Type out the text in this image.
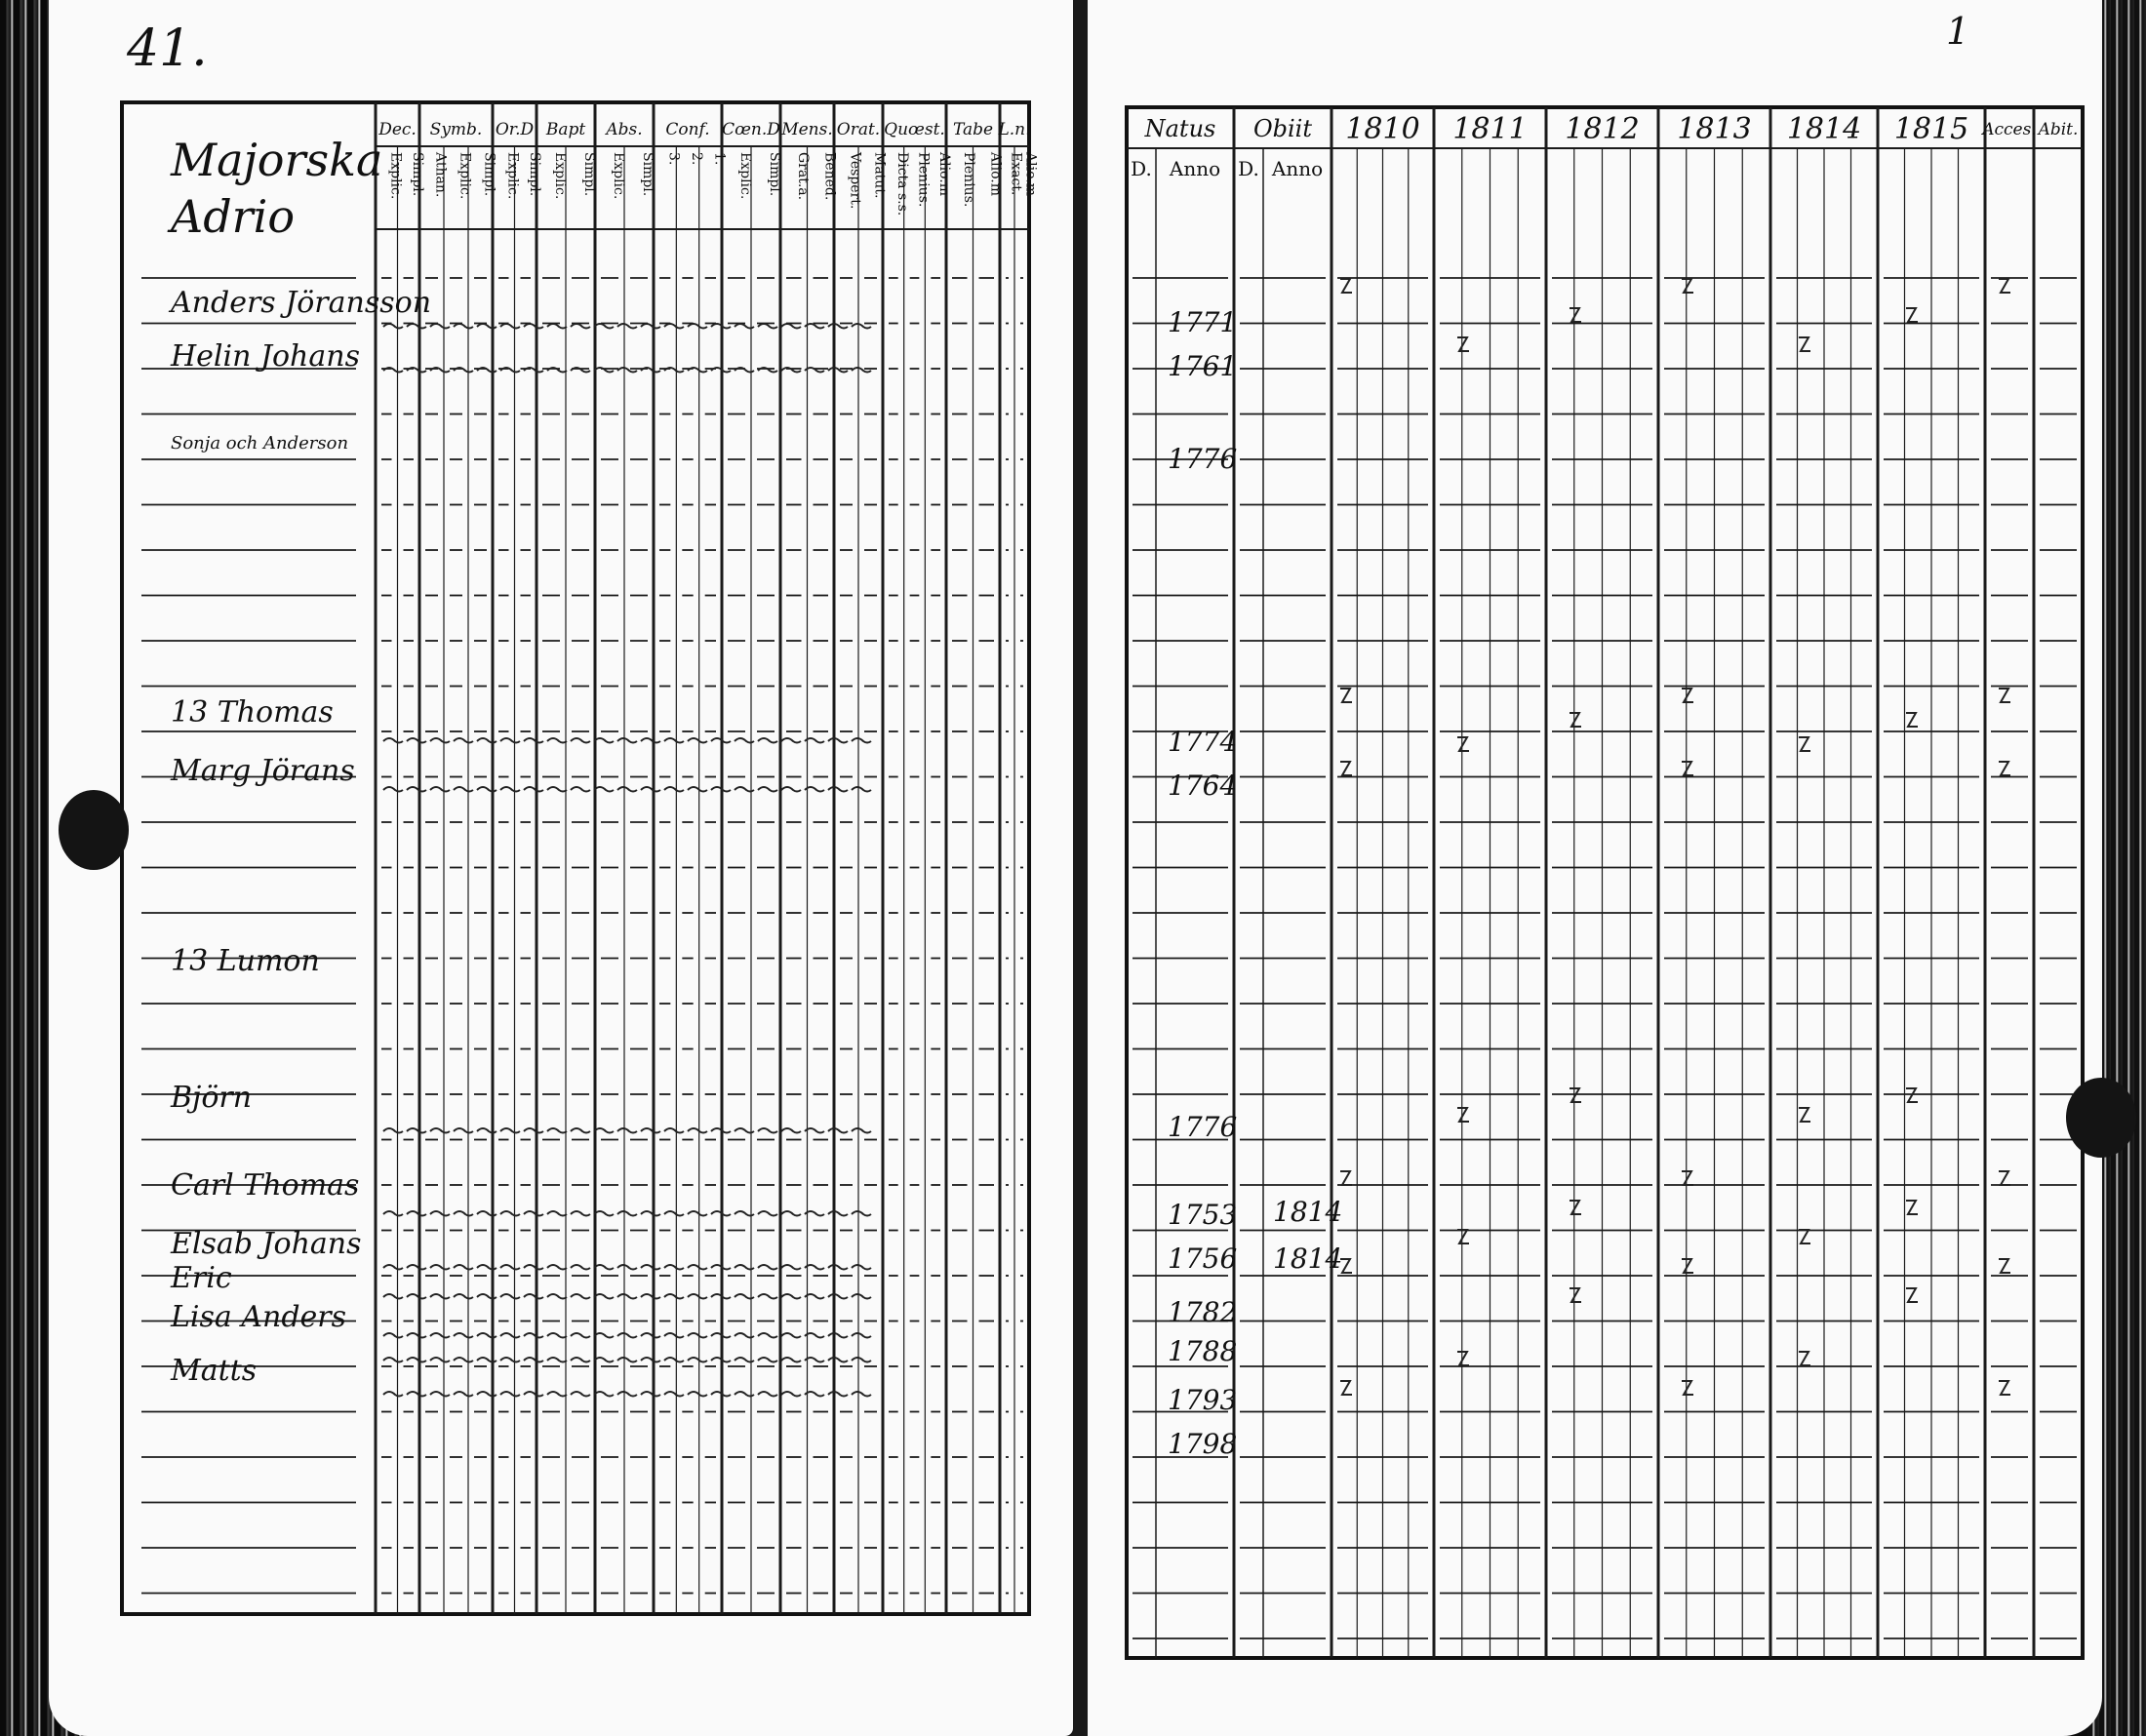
41.
Dec.
Explic. Simpl.
Symb.
Athan. Explic. Simpl.
Or.D
Explic. Simpl.
Bapt
Explic. Simpl.
Abs.
Explic. Simpl.
Conf.
3. 2. 1.
Cœn.D
Explic. Simpl.
Mens.
Grat.a. Bened.
Orat.
Vespert. Matut.
Quœst.
Dicta s.s. Plenius. Alio.m
Tabe
Plenius. Alio.m
L.n.
Exact. Alio.m
Majorska
Adrio
Anders Jöransson
Helin Johans
Sonja och Anderson
13 Thomas
Marg Jörans
13 Lumon
Björn
Carl Thomas
Elsab Johans
Eric
Lisa Anders
Matts
1
Natus Obiit
D. Anno D. Anno
1810 1811 1812 1813 1814 1815 Acces. Abit.
1771
1761
1776
1774
1764
1776
1753
1756
1782
1788
1793
1798
1814
1814
